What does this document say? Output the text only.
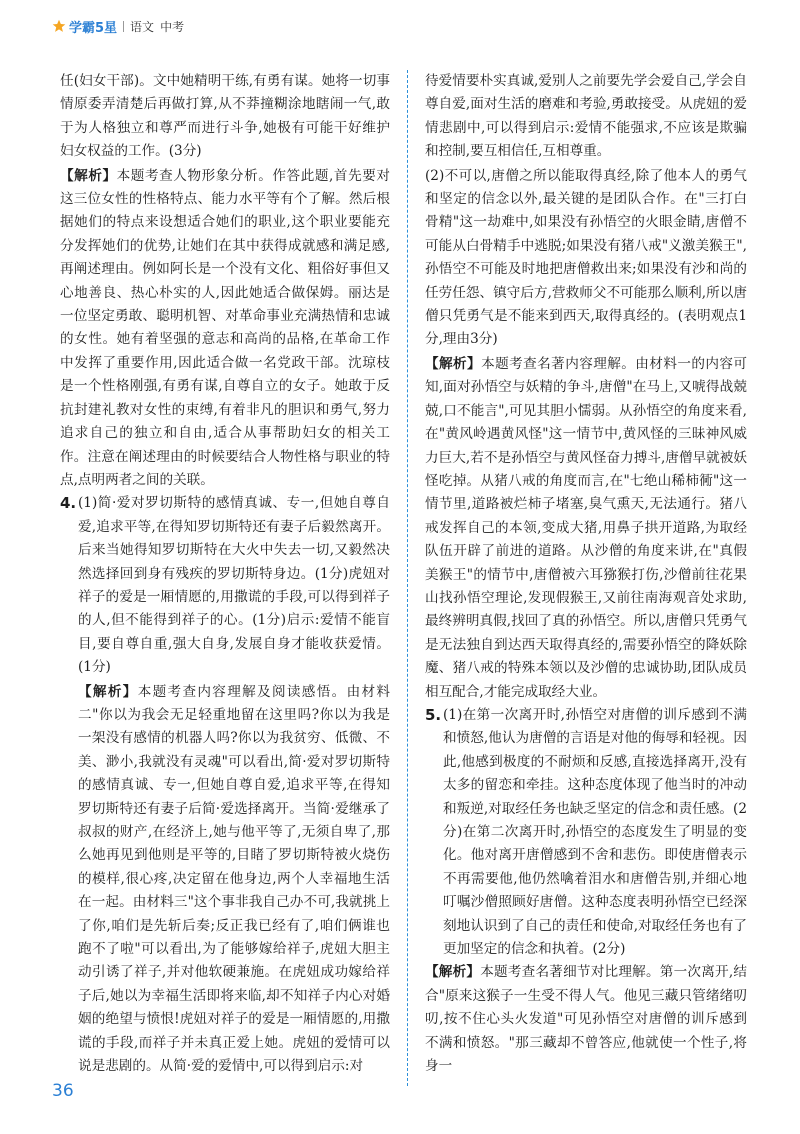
学霸5星 语文 中考

任(妇女干部)。文中她精明干练,有勇有谋。她将一切事情原委弄清楚后再做打算,从不莽撞糊涂地瞎闹一气,敢于为人格独立和尊严而进行斗争,她极有可能干好维护妇女权益的工作。(3分)

【解析】本题考查人物形象分析。作答此题,首先要对这三位女性的性格特点、能力水平等有个了解。然后根据她们的特点来设想适合她们的职业,这个职业要能充分发挥她们的优势,让她们在其中获得成就感和满足感,再阐述理由。例如阿长是一个没有文化、粗俗好事但又心地善良、热心朴实的人,因此她适合做保姆。丽达是一位坚定勇敢、聪明机智、对革命事业充满热情和忠诚的女性。她有着坚强的意志和高尚的品格,在革命工作中发挥了重要作用,因此适合做一名党政干部。沈琼枝是一个性格刚强,有勇有谋,自尊自立的女子。她敢于反抗封建礼教对女性的束缚,有着非凡的胆识和勇气,努力追求自己的独立和自由,适合从事帮助妇女的相关工作。注意在阐述理由的时候要结合人物性格与职业的特点,点明两者之间的关联。

4. (1)简·爱对罗切斯特的感情真诚、专一,但她自尊自爱,追求平等,在得知罗切斯特还有妻子后毅然离开。后来当她得知罗切斯特在大火中失去一切,又毅然决然选择回到身有残疾的罗切斯特身边。(1分)虎妞对祥子的爱是一厢情愿的,用撒谎的手段,可以得到祥子的人,但不能得到祥子的心。(1分)启示:爱情不能盲目,要自尊自重,强大自身,发展自身才能收获爱情。(1分)

【解析】本题考查内容理解及阅读感悟。由材料二"你以为我会无足轻重地留在这里吗?你以为我是一架没有感情的机器人吗?你以为我贫穷、低微、不美、渺小,我就没有灵魂"可以看出,简·爱对罗切斯特的感情真诚、专一,但她自尊自爱,追求平等,在得知罗切斯特还有妻子后简·爱选择离开。当简·爱继承了叔叔的财产,在经济上,她与他平等了,无须自卑了,那么她再见到他则是平等的,目睹了罗切斯特被火烧伤的模样,很心疼,决定留在他身边,两个人幸福地生活在一起。由材料三"这个事非我自己办不可,我就挑上了你,咱们是先斩后奏;反正我已经有了,咱们俩谁也跑不了啦"可以看出,为了能够嫁给祥子,虎妞大胆主动引诱了祥子,并对他软硬兼施。在虎妞成功嫁给祥子后,她以为幸福生活即将来临,却不知祥子内心对婚姻的绝望与愤恨!虎妞对祥子的爱是一厢情愿的,用撒谎的手段,而祥子并未真正爱上她。虎妞的爱情可以说是悲剧的。从简·爱的爱情中,可以得到启示:对

待爱情要朴实真诚,爱别人之前要先学会爱自己,学会自尊自爱,面对生活的磨难和考验,勇敢接受。从虎妞的爱情悲剧中,可以得到启示:爱情不能强求,不应该是欺骗和控制,要互相信任,互相尊重。

(2)不可以,唐僧之所以能取得真经,除了他本人的勇气和坚定的信念以外,最关键的是团队合作。在"三打白骨精"这一劫难中,如果没有孙悟空的火眼金睛,唐僧不可能从白骨精手中逃脱;如果没有猪八戒"义激美猴王",孙悟空不可能及时地把唐僧救出来;如果没有沙和尚的任劳任怨、镇守后方,营救师父不可能那么顺利,所以唐僧只凭勇气是不能来到西天,取得真经的。(表明观点1分,理由3分)

【解析】本题考查名著内容理解。由材料一的内容可知,面对孙悟空与妖精的争斗,唐僧"在马上,又唬得战兢兢,口不能言",可见其胆小懦弱。从孙悟空的角度来看,在"黄风岭遇黄风怪"这一情节中,黄风怪的三昧神风威力巨大,若不是孙悟空与黄风怪奋力搏斗,唐僧早就被妖怪吃掉。从猪八戒的角度而言,在"七绝山稀柿衕"这一情节里,道路被烂柿子堵塞,臭气熏天,无法通行。猪八戒发挥自己的本领,变成大猪,用鼻子拱开道路,为取经队伍开辟了前进的道路。从沙僧的角度来讲,在"真假美猴王"的情节中,唐僧被六耳猕猴打伤,沙僧前往花果山找孙悟空理论,发现假猴王,又前往南海观音处求助,最终辨明真假,找回了真的孙悟空。所以,唐僧只凭勇气是无法独自到达西天取得真经的,需要孙悟空的降妖除魔、猪八戒的特殊本领以及沙僧的忠诚协助,团队成员相互配合,才能完成取经大业。

5. (1)在第一次离开时,孙悟空对唐僧的训斥感到不满和愤怒,他认为唐僧的言语是对他的侮辱和轻视。因此,他感到极度的不耐烦和反感,直接选择离开,没有太多的留恋和牵挂。这种态度体现了他当时的冲动和叛逆,对取经任务也缺乏坚定的信念和责任感。(2分)在第二次离开时,孙悟空的态度发生了明显的变化。他对离开唐僧感到不舍和悲伤。即使唐僧表示不再需要他,他仍然噙着泪水和唐僧告别,并细心地叮嘱沙僧照顾好唐僧。这种态度表明孙悟空已经深刻地认识到了自己的责任和使命,对取经任务也有了更加坚定的信念和执着。(2分)

【解析】本题考查名著细节对比理解。第一次离开,结合"原来这猴子一生受不得人气。他见三藏只管绪绪叨叨,按不住心头火发道"可见孙悟空对唐僧的训斥感到不满和愤怒。"那三藏却不曾答应,他就使一个性子,将身一

36
